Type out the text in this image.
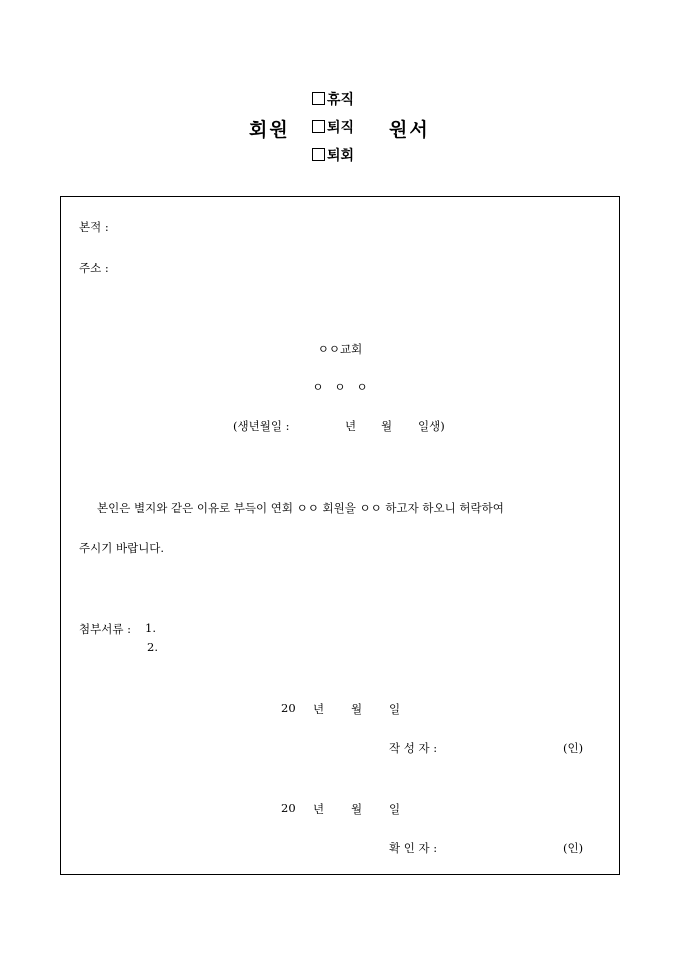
휴직
퇴직
퇴회
회원	원서
본적 :
주소 :
ㅇㅇ교회
ㅇ   ㅇ   ㅇ
(생년월일 :	년 월 일생)
본인은 별지와 같은 이유로 부득이 연회 ㅇㅇ 회원을 ㅇㅇ 하고자 하오니 허락하여
주시기 바랍니다.
첨부서류 : 1.
2.
20 년 월 일
작 성 자 :	(인)
20 년 월 일
확 인 자 :	(인)
